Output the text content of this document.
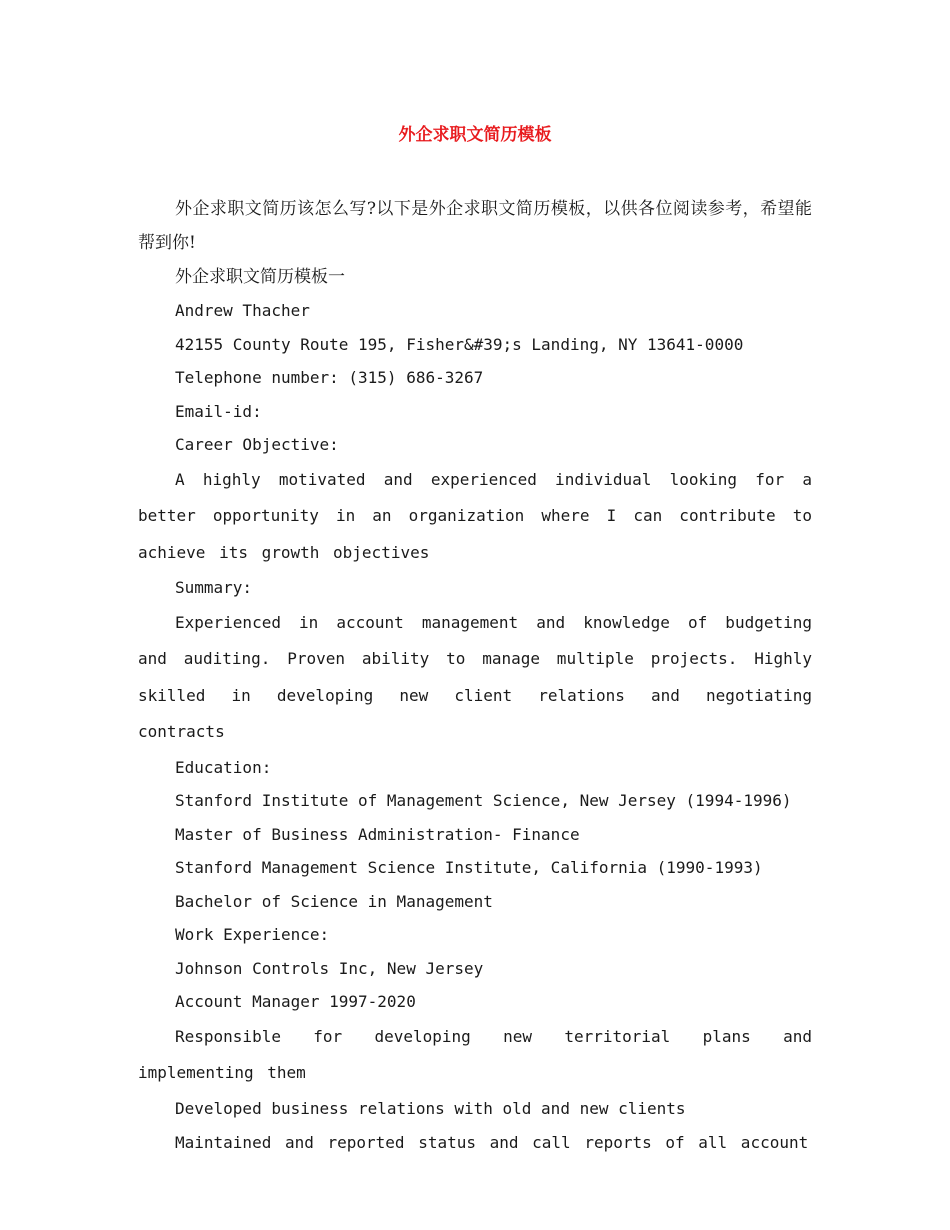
外企求职文简历模板

外企求职文简历该怎么写?以下是外企求职文简历模板，以供各位阅读参考，希望能帮到你!

外企求职文简历模板一

Andrew Thacher

42155 County Route 195, Fisher&#39;s Landing, NY 13641-0000

Telephone number: (315) 686-3267

Email-id:

Career Objective:

A highly motivated and experienced individual looking for a better opportunity in an organization where I can contribute to achieve its growth objectives

Summary:

Experienced in account management and knowledge of budgeting and auditing. Proven ability to manage multiple projects. Highly skilled in developing new client relations and negotiating contracts

Education:

Stanford Institute of Management Science, New Jersey (1994-1996)

Master of Business Administration- Finance

Stanford Management Science Institute, California (1990-1993)

Bachelor of Science in Management

Work Experience:

Johnson Controls Inc, New Jersey

Account Manager 1997-2020

Responsible for developing new territorial plans and implementing them

Developed business relations with old and new clients

Maintained and reported status and call reports of all account
